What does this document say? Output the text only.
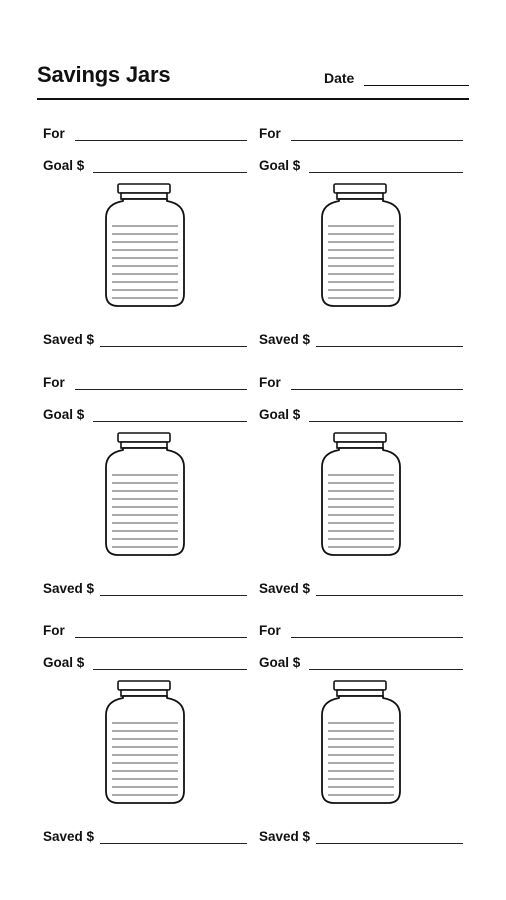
Savings Jars	Date
For
Goal $
Saved $
For
Goal $
Saved $
For
Goal $
Saved $
For
Goal $
Saved $
For
Goal $
Saved $
For
Goal $
Saved $
